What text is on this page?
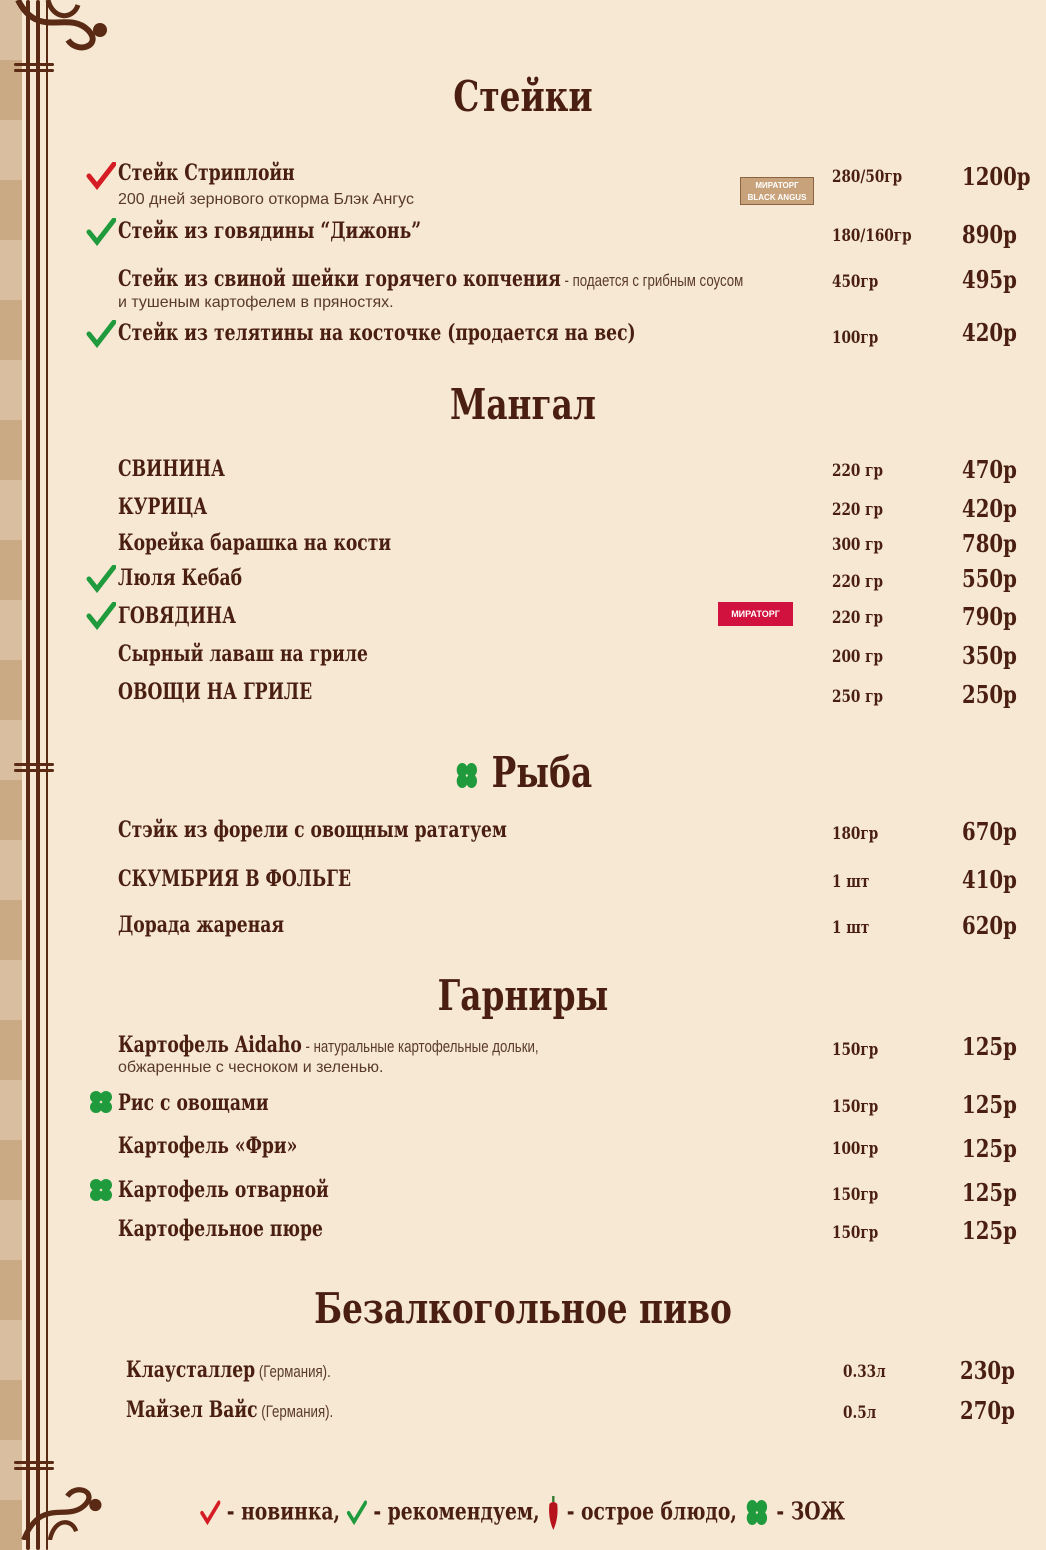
Стейки
Стейк Стриплойн
200 дней зернового откорма Блэк Ангус
МИРАТОРГ BLACK ANGUS
280/50гр 1200р
Стейк из говядины “Дижонь”	180/160гр 890р
Стейк из свиной шейки горячего копчения - подается с грибным соусом
и тушеным картофелем в пряностях.
450гр	495р
Стейк из телятины на косточке (продается на вес)	100гр	420р
Мангал
СВИНИНА	220 гр	470р
КУРИЦА	220 гр	420р
Корейка барашка на кости	300 гр	780р
Люля Кебаб	220 гр	550р
ГОВЯДИНА	МИРАТОРГ	220 гр	790р
Сырный лаваш на гриле	200 гр	350р
ОВОЩИ НА ГРИЛЕ	250 гр	250р
Рыба
Стэйк из форели с овощным рататуем	180гр	670р
СКУМБРИЯ В ФОЛЬГЕ	1 шт	410р
Дорада жареная	1 шт	620р
Гарниры
Картофель Aidaho - натуральные картофельные дольки,
обжаренные с чесноком и зеленью.
150гр	125р
Рис с овощами	150гр	125р
Картофель «Фри»	100гр	125р
Картофель отварной	150гр	125р
Картофельное пюре	150гр	125р
Безалкогольное пиво
Клаусталлер (Германия).	0.33л	230р
Майзел Вайс (Германия).	0.5л	270р
- новинка, - рекомендуем, - острое блюдо, - ЗОЖ
